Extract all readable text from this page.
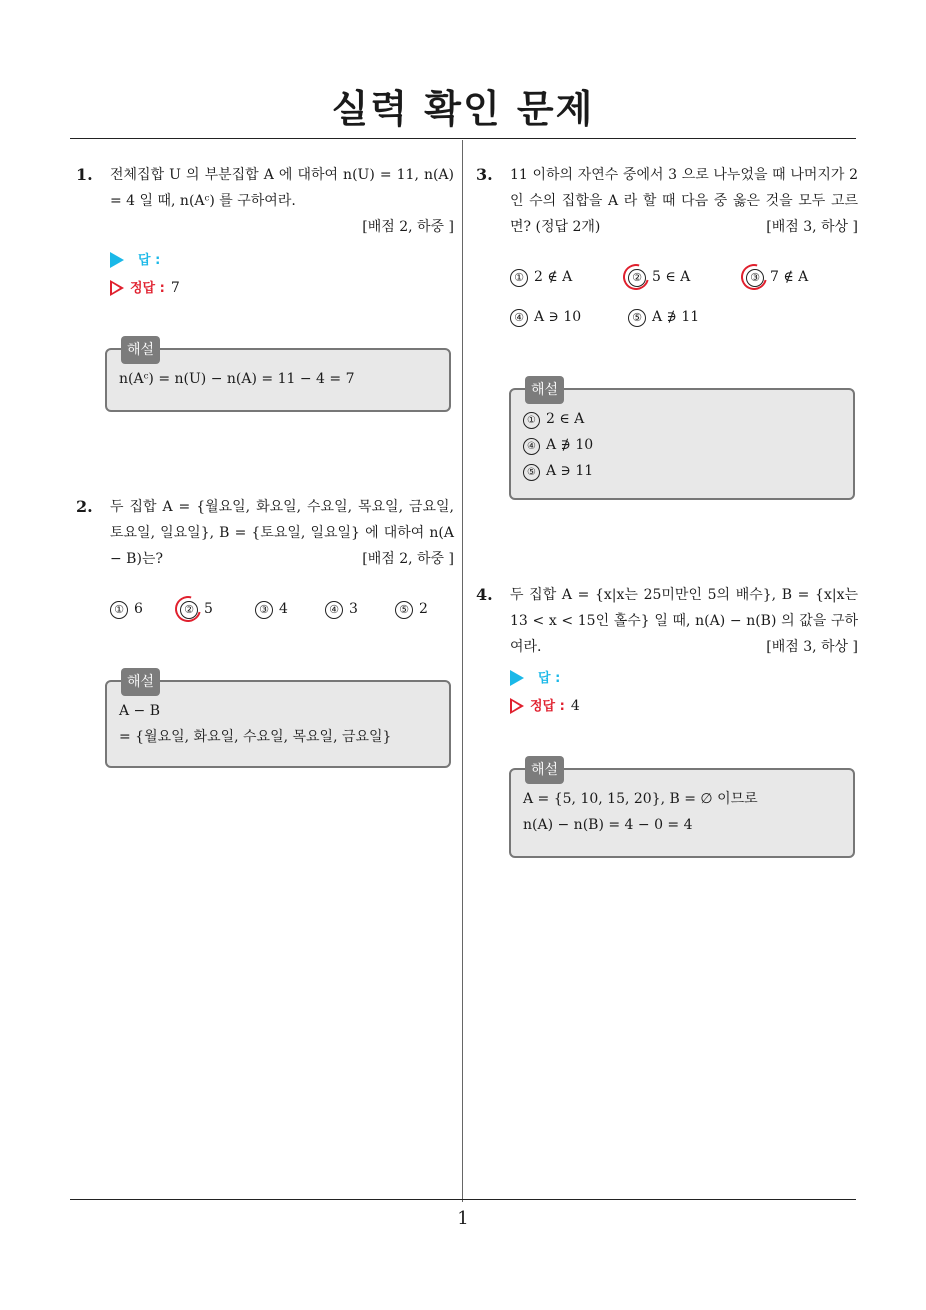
실력 확인 문제
1. 전체집합 U 의 부분집합 A 에 대하여 n(U) = 11, n(A) = 4 일 때, n(Aᶜ) 를 구하여라.
[배점 2, 하중 ]
답 :
정답 : 7
해설
n(Aᶜ) = n(U) − n(A) = 11 − 4 = 7
2. 두 집합 A = {월요일, 화요일, 수요일, 목요일, 금요일, 토요일, 일요일}, B = {토요일, 일요일} 에 대하여 n(A − B)는?	[배점 2, 하중 ]
① 6	② 5	③ 4	④ 3	⑤ 2
해설
A − B
= {월요일, 화요일, 수요일, 목요일, 금요일}
3. 11 이하의 자연수 중에서 3 으로 나누었을 때 나머지가 2 인 수의 집합을 A 라 할 때 다음 중 옳은 것을 모두 고르면? (정답 2개)	[배점 3, 하상 ]
① 2 ∉ A	② 5 ∈ A	③ 7 ∉ A
④ A ∋ 10	⑤ A ∌ 11
해설
① 2 ∈ A
④ A ∌ 10
⑤ A ∋ 11
4. 두 집합 A = {x|x는 25미만인 5의 배수}, B = {x|x는 13 < x < 15인 홀수} 일 때, n(A) − n(B) 의 값을 구하여라.	[배점 3, 하상 ]
답 :
정답 : 4
해설
A = {5, 10, 15, 20}, B = ∅ 이므로
n(A) − n(B) = 4 − 0 = 4
1
